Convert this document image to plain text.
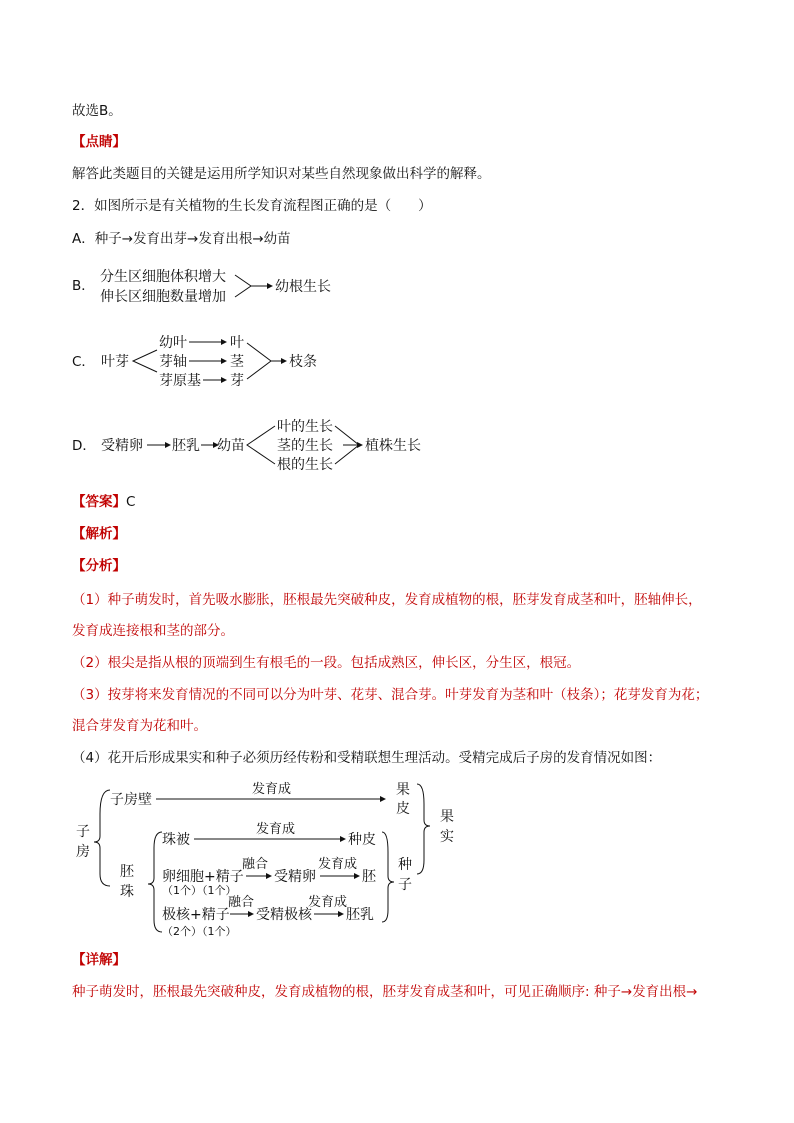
故选B。
【点睛】
解答此类题目的关键是运用所学知识对某些自然现象做出科学的解释。
2．如图所示是有关植物的生长发育流程图正确的是（　　）
A．种子→发育出芽→发育出根→幼苗
B．
分生区细胞体积增大
伸长区细胞数量增加
幼根生长
C． 叶芽
幼叶
芽轴
芽原基
叶
茎
芽
枝条
D． 受精卵 胚乳 幼苗
叶的生长
茎的生长
根的生长
植株生长
【答案】C
【解析】
【分析】
（1）种子萌发时，首先吸水膨胀，胚根最先突破种皮，发育成植物的根，胚芽发育成茎和叶，胚轴伸长，
发育成连接根和茎的部分。
（2）根尖是指从根的顶端到生有根毛的一段。包括成熟区，伸长区，分生区，根冠。
（3）按芽将来发育情况的不同可以分为叶芽、花芽、混合芽。叶芽发育为茎和叶（枝条）；花芽发育为花；
混合芽发育为花和叶。
（4）花开后形成果实和种子必须历经传粉和受精联想生理活动。受精完成后子房的发育情况如图：
子
房
子房壁
发育成	果
皮 果
实
胚
珠
珠被
发育成
种皮
卵细胞+精子
（1个）（1个）
融合
受精卵
发育成
胚
极核+精子
（2个）（1个）
融合
受精极核
发育成
胚乳
种
子
【详解】
种子萌发时，胚根最先突破种皮，发育成植物的根，胚芽发育成茎和叶，可见正确顺序: 种子→发育出根→
